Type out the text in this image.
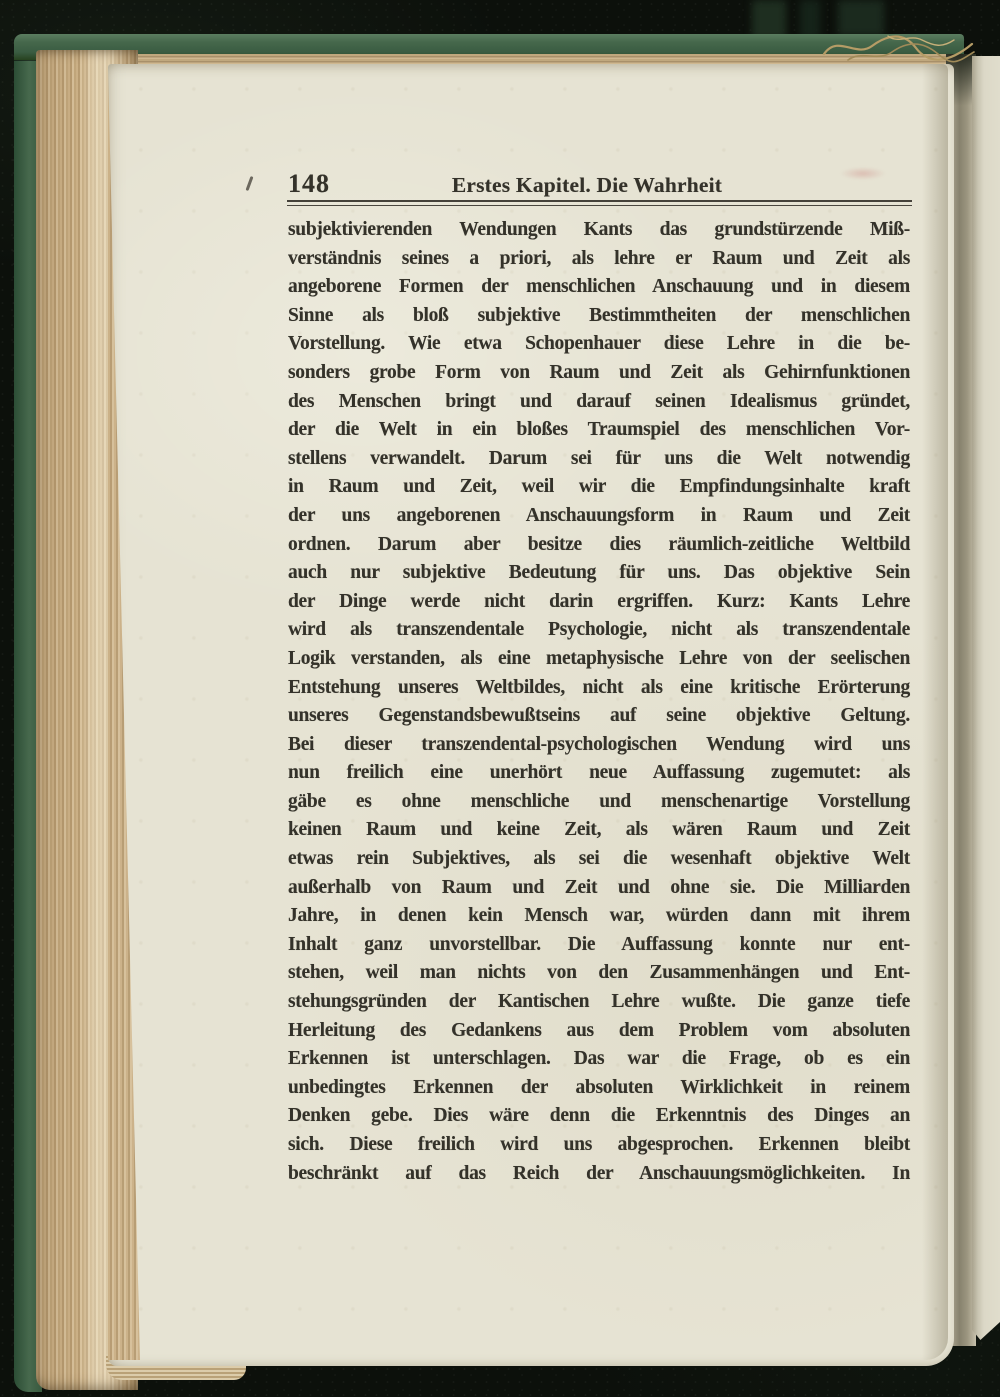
148	Erstes Kapitel. Die Wahrheit
subjektivierenden Wendungen Kants das grundstürzende Miß-
verständnis seines a priori, als lehre er Raum und Zeit als
angeborene Formen der menschlichen Anschauung und in diesem
Sinne als bloß subjektive Bestimmtheiten der menschlichen
Vorstellung. Wie etwa Schopenhauer diese Lehre in die be-
sonders grobe Form von Raum und Zeit als Gehirnfunktionen
des Menschen bringt und darauf seinen Idealismus gründet,
der die Welt in ein bloßes Traumspiel des menschlichen Vor-
stellens verwandelt. Darum sei für uns die Welt notwendig
in Raum und Zeit, weil wir die Empfindungsinhalte kraft
der uns angeborenen Anschauungsform in Raum und Zeit
ordnen. Darum aber besitze dies räumlich-zeitliche Weltbild
auch nur subjektive Bedeutung für uns. Das objektive Sein
der Dinge werde nicht darin ergriffen. Kurz: Kants Lehre
wird als transzendentale Psychologie, nicht als transzendentale
Logik verstanden, als eine metaphysische Lehre von der seelischen
Entstehung unseres Weltbildes, nicht als eine kritische Erörterung
unseres Gegenstandsbewußtseins auf seine objektive Geltung.
Bei dieser transzendental-psychologischen Wendung wird uns
nun freilich eine unerhört neue Auffassung zugemutet: als
gäbe es ohne menschliche und menschenartige Vorstellung
keinen Raum und keine Zeit, als wären Raum und Zeit
etwas rein Subjektives, als sei die wesenhaft objektive Welt
außerhalb von Raum und Zeit und ohne sie. Die Milliarden
Jahre, in denen kein Mensch war, würden dann mit ihrem
Inhalt ganz unvorstellbar. Die Auffassung konnte nur ent-
stehen, weil man nichts von den Zusammenhängen und Ent-
stehungsgründen der Kantischen Lehre wußte. Die ganze tiefe
Herleitung des Gedankens aus dem Problem vom absoluten
Erkennen ist unterschlagen. Das war die Frage, ob es ein
unbedingtes Erkennen der absoluten Wirklichkeit in reinem
Denken gebe. Dies wäre denn die Erkenntnis des Dinges an
sich. Diese freilich wird uns abgesprochen. Erkennen bleibt
beschränkt auf das Reich der Anschauungsmöglichkeiten. In
